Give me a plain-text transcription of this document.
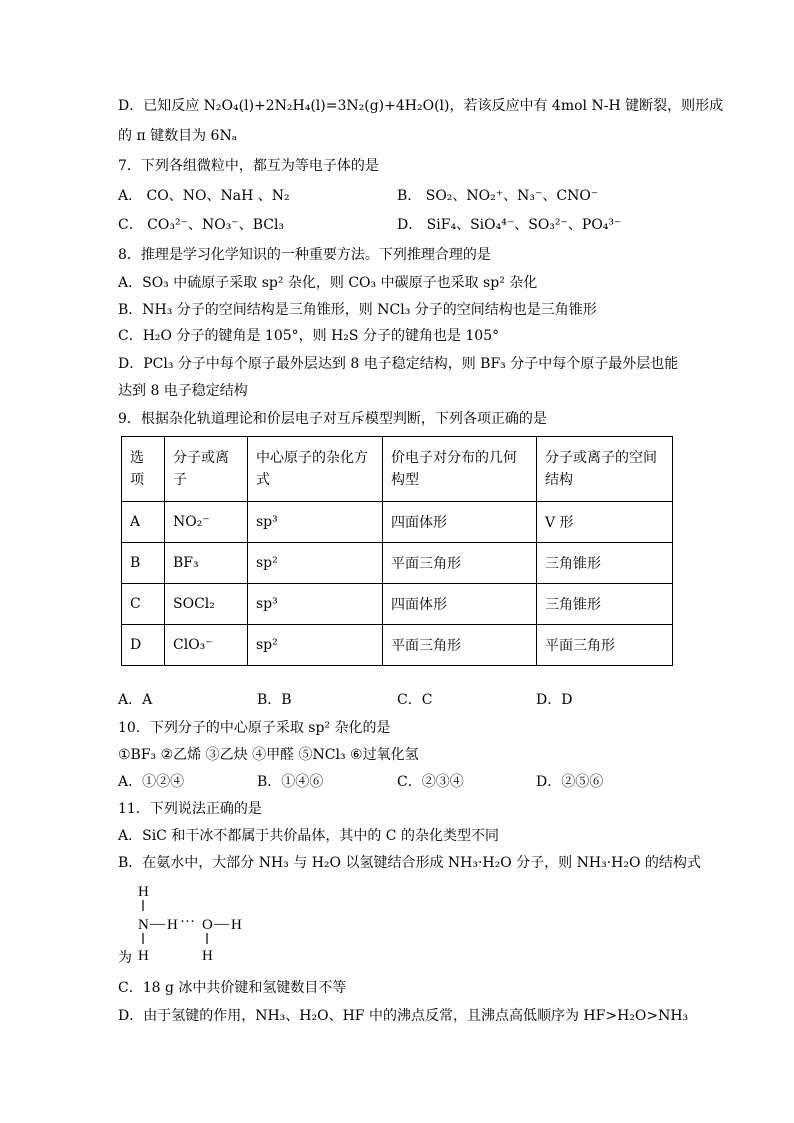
D．已知反应 N₂O₄(l)+2N₂H₄(l)=3N₂(g)+4H₂O(l)，若该反应中有 4mol N-H 键断裂，则形成
的 π 键数目为 6Nₐ
7．下列各组微粒中，都互为等电子体的是
A． CO、NO、NaH 、N₂	B． SO₂、NO₂⁺、N₃⁻、CNO⁻
C． CO₃²⁻、NO₃⁻、BCl₃	D． SiF₄、SiO₄⁴⁻、SO₃²⁻、PO₄³⁻
8．推理是学习化学知识的一种重要方法。下列推理合理的是
A．SO₃ 中硫原子采取 sp² 杂化，则 CO₃ 中碳原子也采取 sp² 杂化
B．NH₃ 分子的空间结构是三角锥形，则 NCl₃ 分子的空间结构也是三角锥形
C．H₂O 分子的键角是 105°，则 H₂S 分子的键角也是 105°
D．PCl₃ 分子中每个原子最外层达到 8 电子稳定结构，则 BF₃ 分子中每个原子最外层也能
达到 8 电子稳定结构
9．根据杂化轨道理论和价层电子对互斥模型判断，下列各项正确的是
选项	分子或离子	中心原子的杂化方式	价电子对分布的几何构型	分子或离子的空间结构
A	NO₂⁻	sp³	四面体形	V 形
B	BF₃	sp²	平面三角形	三角锥形
C	SOCl₂	sp³	四面体形	三角锥形
D	ClO₃⁻	sp²	平面三角形	平面三角形
A．A	B．B	C．C	D．D
10．下列分子的中心原子采取 sp² 杂化的是
①BF₃ ②乙烯 ③乙炔 ④甲醛 ⑤NCl₃ ⑥过氧化氢
A．①②④	B．①④⑥	C．②③④	D．②⑤⑥
11．下列说法正确的是
A．SiC 和干冰不都属于共价晶体，其中的 C 的杂化类型不同
B．在氨水中，大部分 NH₃ 与 H₂O 以氢键结合形成 NH₃·H₂O 分子，则 NH₃·H₂O 的结构式
H
N — H ··· O — H
H	H
为
C．18 g 冰中共价键和氢键数目不等
D．由于氢键的作用，NH₃、H₂O、HF 中的沸点反常，且沸点高低顺序为 HF>H₂O>NH₃
